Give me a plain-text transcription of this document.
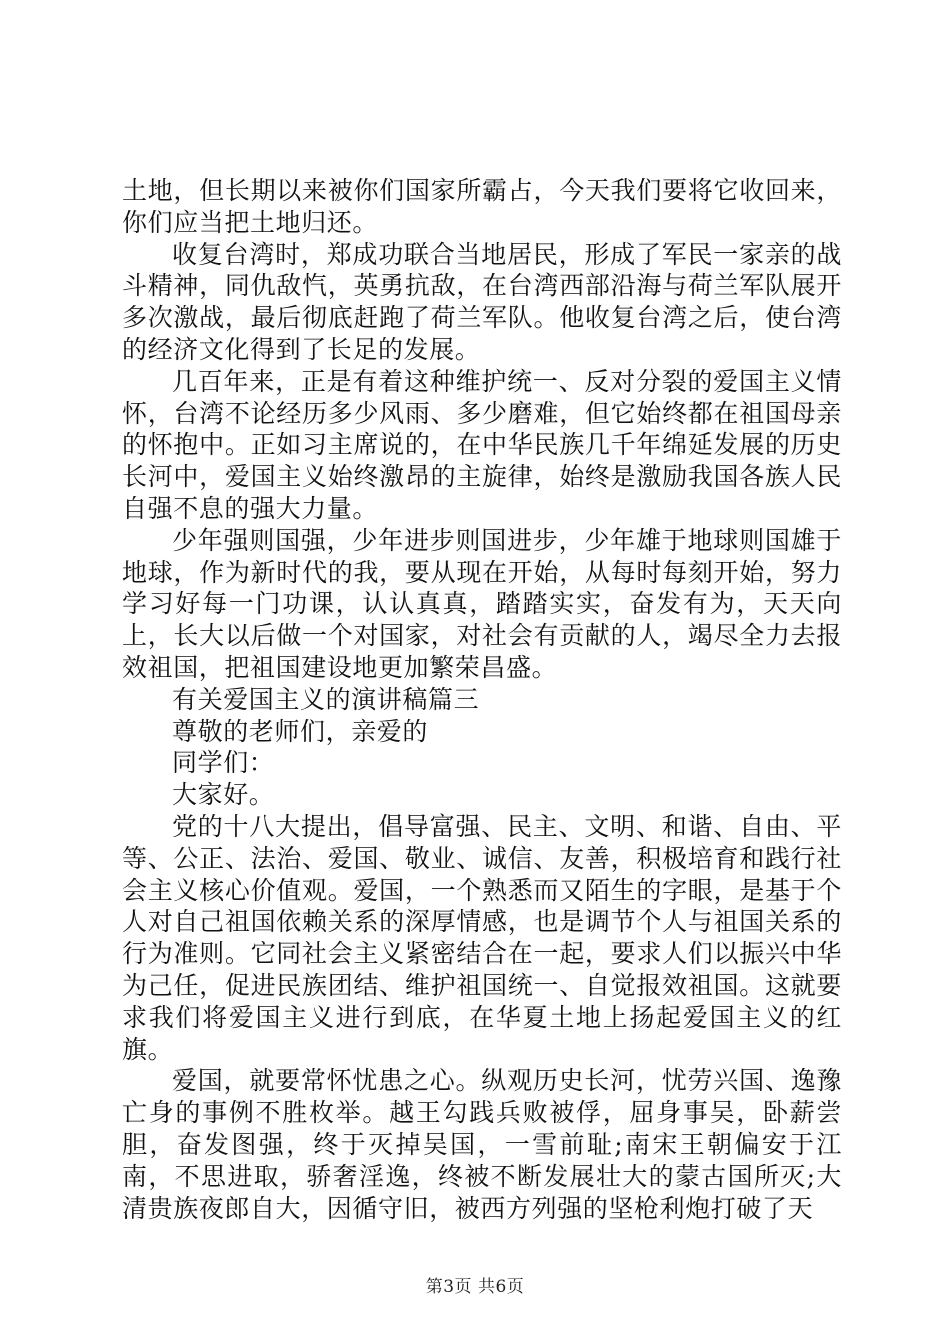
土地，但长期以来被你们国家所霸占，今天我们要将它收回来，你们应当把土地归还。

收复台湾时，郑成功联合当地居民，形成了军民一家亲的战斗精神，同仇敌忾，英勇抗敌，在台湾西部沿海与荷兰军队展开多次激战，最后彻底赶跑了荷兰军队。他收复台湾之后，使台湾的经济文化得到了长足的发展。

几百年来，正是有着这种维护统一、反对分裂的爱国主义情怀，台湾不论经历多少风雨、多少磨难，但它始终都在祖国母亲的怀抱中。正如习主席说的，在中华民族几千年绵延发展的历史长河中，爱国主义始终激昂的主旋律，始终是激励我国各族人民自强不息的强大力量。

少年强则国强，少年进步则国进步，少年雄于地球则国雄于地球，作为新时代的我，要从现在开始，从每时每刻开始，努力学习好每一门功课，认认真真，踏踏实实，奋发有为，天天向上，长大以后做一个对国家，对社会有贡献的人，竭尽全力去报效祖国，把祖国建设地更加繁荣昌盛。

有关爱国主义的演讲稿篇三

尊敬的老师们，亲爱的

同学们：

大家好。

党的十八大提出，倡导富强、民主、文明、和谐、自由、平等、公正、法治、爱国、敬业、诚信、友善，积极培育和践行社会主义核心价值观。爱国，一个熟悉而又陌生的字眼，是基于个人对自己祖国依赖关系的深厚情感，也是调节个人与祖国关系的行为准则。它同社会主义紧密结合在一起，要求人们以振兴中华为己任，促进民族团结、维护祖国统一、自觉报效祖国。这就要求我们将爱国主义进行到底，在华夏土地上扬起爱国主义的红旗。

爱国，就要常怀忧患之心。纵观历史长河，忧劳兴国、逸豫亡身的事例不胜枚举。越王勾践兵败被俘，屈身事吴，卧薪尝胆，奋发图强，终于灭掉吴国，一雪前耻;南宋王朝偏安于江南，不思进取，骄奢淫逸，终被不断发展壮大的蒙古国所灭;大清贵族夜郎自大，因循守旧，被西方列强的坚枪利炮打破了天

第3页 共6页
